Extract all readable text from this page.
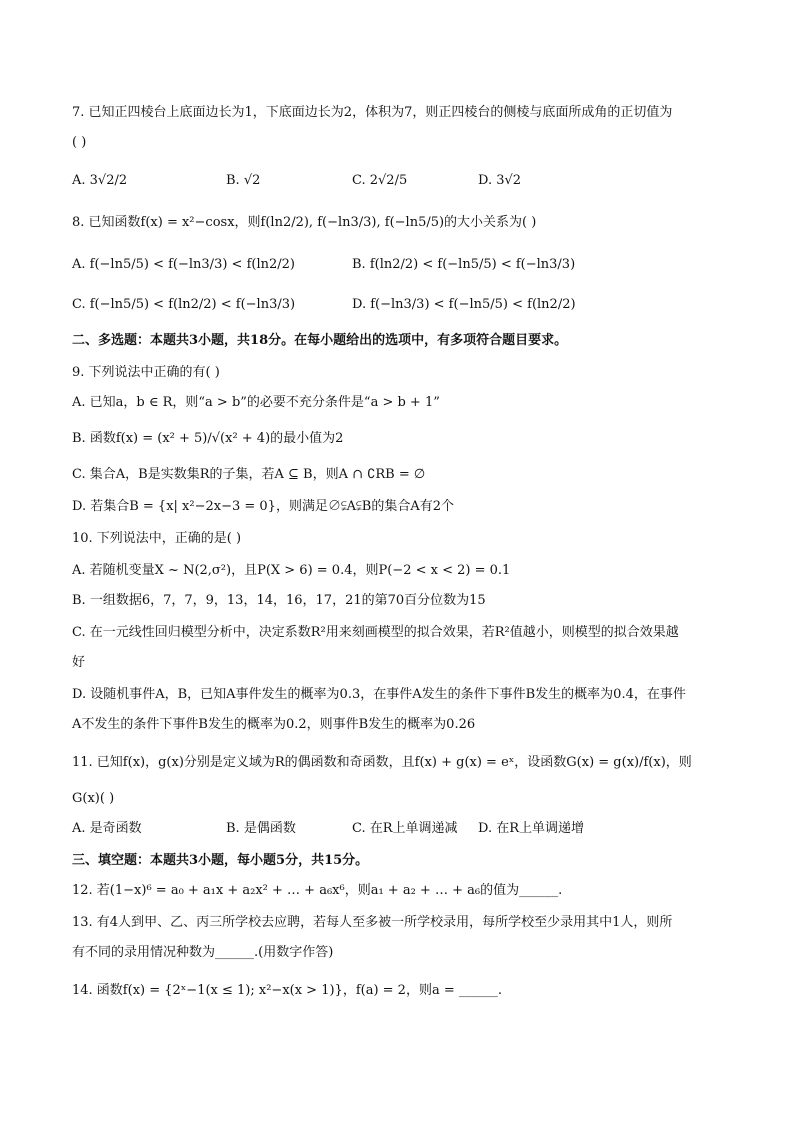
7. 已知正四棱台上底面边长为1，下底面边长为2，体积为7，则正四棱台的侧棱与底面所成角的正切值为
( )
A. 3√2/2	B. √2	C. 2√2/5	D. 3√2
8. 已知函数f(x) = x²−cosx，则f(ln2/2), f(−ln3/3), f(−ln5/5)的大小关系为( )
A. f(−ln5/5) < f(−ln3/3) < f(ln2/2)	B. f(ln2/2) < f(−ln5/5) < f(−ln3/3)
C. f(−ln5/5) < f(ln2/2) < f(−ln3/3)	D. f(−ln3/3) < f(−ln5/5) < f(ln2/2)
二、多选题：本题共3小题，共18分。在每小题给出的选项中，有多项符合题目要求。
9. 下列说法中正确的有( )
A. 已知a，b ∈ R，则“a > b”的必要不充分条件是“a > b + 1”
B. 函数f(x) = (x² + 5)/√(x² + 4)的最小值为2
C. 集合A，B是实数集R的子集，若A ⊆ B，则A ∩ ∁RB = ∅
D. 若集合B = {x| x²−2x−3 = 0}，则满足∅⫋A⫋B的集合A有2个
10. 下列说法中，正确的是( )
A. 若随机变量X ~ N(2,σ²)，且P(X > 6) = 0.4，则P(−2 < x < 2) = 0.1
B. 一组数据6，7，7，9，13，14，16，17，21的第70百分位数为15
C. 在一元线性回归模型分析中，决定系数R²用来刻画模型的拟合效果，若R²值越小，则模型的拟合效果越
好
D. 设随机事件A，B，已知A事件发生的概率为0.3，在事件A发生的条件下事件B发生的概率为0.4，在事件
A不发生的条件下事件B发生的概率为0.2，则事件B发生的概率为0.26
11. 已知f(x)，g(x)分别是定义域为R的偶函数和奇函数，且f(x) + g(x) = eˣ，设函数G(x) = g(x)/f(x)，则
G(x)( )
A. 是奇函数	B. 是偶函数	C. 在R上单调递减 D. 在R上单调递增
三、填空题：本题共3小题，每小题5分，共15分。
12. 若(1−x)⁶ = a₀ + a₁x + a₂x² + … + a₆x⁶，则a₁ + a₂ + … + a₆的值为______.
13. 有4人到甲、乙、丙三所学校去应聘，若每人至多被一所学校录用，每所学校至少录用其中1人，则所
有不同的录用情况种数为______.(用数字作答)
14. 函数f(x) = {2ˣ−1(x ≤ 1); x²−x(x > 1)}，f(a) = 2，则a = ______.
